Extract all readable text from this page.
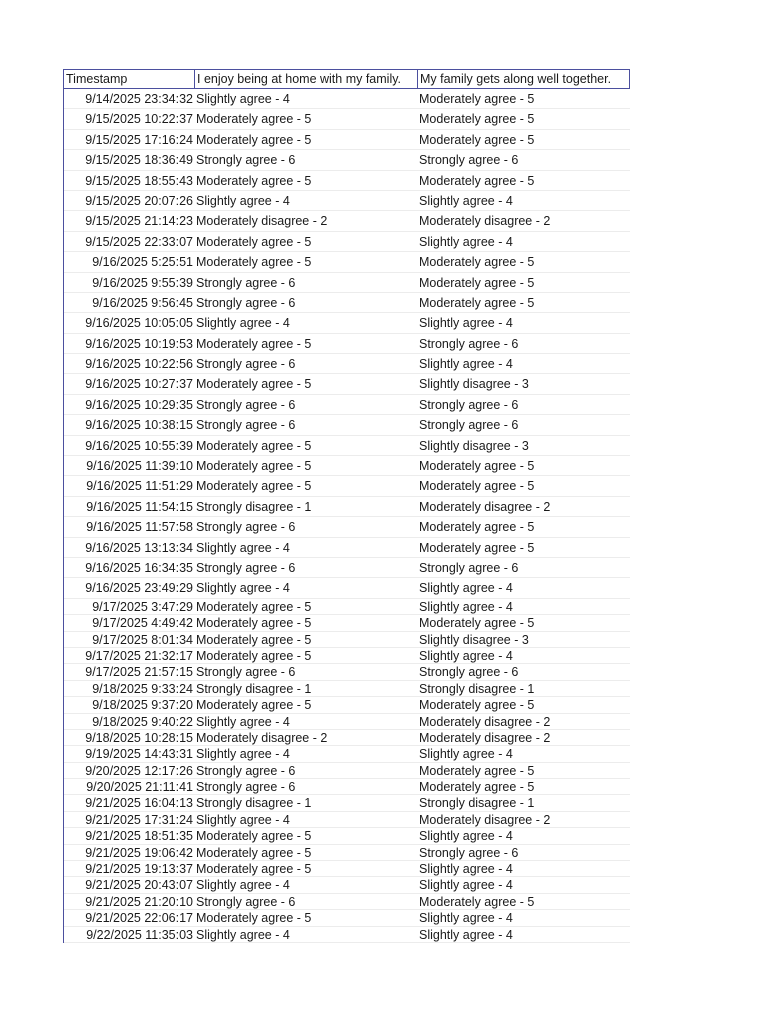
Timestamp	I enjoy being at home with my family.	My family gets along well together.
9/14/2025 23:34:32 Slightly agree - 4	Moderately agree - 5
9/15/2025 10:22:37 Moderately agree - 5	Moderately agree - 5
9/15/2025 17:16:24 Moderately agree - 5	Moderately agree - 5
9/15/2025 18:36:49 Strongly agree - 6	Strongly agree - 6
9/15/2025 18:55:43 Moderately agree - 5	Moderately agree - 5
9/15/2025 20:07:26 Slightly agree - 4	Slightly agree - 4
9/15/2025 21:14:23 Moderately disagree - 2	Moderately disagree - 2
9/15/2025 22:33:07 Moderately agree - 5	Slightly agree - 4
9/16/2025 5:25:51 Moderately agree - 5	Moderately agree - 5
9/16/2025 9:55:39 Strongly agree - 6	Moderately agree - 5
9/16/2025 9:56:45 Strongly agree - 6	Moderately agree - 5
9/16/2025 10:05:05 Slightly agree - 4	Slightly agree - 4
9/16/2025 10:19:53 Moderately agree - 5	Strongly agree - 6
9/16/2025 10:22:56 Strongly agree - 6	Slightly agree - 4
9/16/2025 10:27:37 Moderately agree - 5	Slightly disagree - 3
9/16/2025 10:29:35 Strongly agree - 6	Strongly agree - 6
9/16/2025 10:38:15 Strongly agree - 6	Strongly agree - 6
9/16/2025 10:55:39 Moderately agree - 5	Slightly disagree - 3
9/16/2025 11:39:10 Moderately agree - 5	Moderately agree - 5
9/16/2025 11:51:29 Moderately agree - 5	Moderately agree - 5
9/16/2025 11:54:15 Strongly disagree - 1	Moderately disagree - 2
9/16/2025 11:57:58 Strongly agree - 6	Moderately agree - 5
9/16/2025 13:13:34 Slightly agree - 4	Moderately agree - 5
9/16/2025 16:34:35 Strongly agree - 6	Strongly agree - 6
9/16/2025 23:49:29 Slightly agree - 4	Slightly agree - 4
9/17/2025 3:47:29 Moderately agree - 5	Slightly agree - 4
9/17/2025 4:49:42 Moderately agree - 5	Moderately agree - 5
9/17/2025 8:01:34 Moderately agree - 5	Slightly disagree - 3
9/17/2025 21:32:17 Moderately agree - 5	Slightly agree - 4
9/17/2025 21:57:15 Strongly agree - 6	Strongly agree - 6
9/18/2025 9:33:24 Strongly disagree - 1	Strongly disagree - 1
9/18/2025 9:37:20 Moderately agree - 5	Moderately agree - 5
9/18/2025 9:40:22 Slightly agree - 4	Moderately disagree - 2
9/18/2025 10:28:15 Moderately disagree - 2	Moderately disagree - 2
9/19/2025 14:43:31 Slightly agree - 4	Slightly agree - 4
9/20/2025 12:17:26 Strongly agree - 6	Moderately agree - 5
9/20/2025 21:11:41 Strongly agree - 6	Moderately agree - 5
9/21/2025 16:04:13 Strongly disagree - 1	Strongly disagree - 1
9/21/2025 17:31:24 Slightly agree - 4	Moderately disagree - 2
9/21/2025 18:51:35 Moderately agree - 5	Slightly agree - 4
9/21/2025 19:06:42 Moderately agree - 5	Strongly agree - 6
9/21/2025 19:13:37 Moderately agree - 5	Slightly agree - 4
9/21/2025 20:43:07 Slightly agree - 4	Slightly agree - 4
9/21/2025 21:20:10 Strongly agree - 6	Moderately agree - 5
9/21/2025 22:06:17 Moderately agree - 5	Slightly agree - 4
9/22/2025 11:35:03 Slightly agree - 4	Slightly agree - 4
